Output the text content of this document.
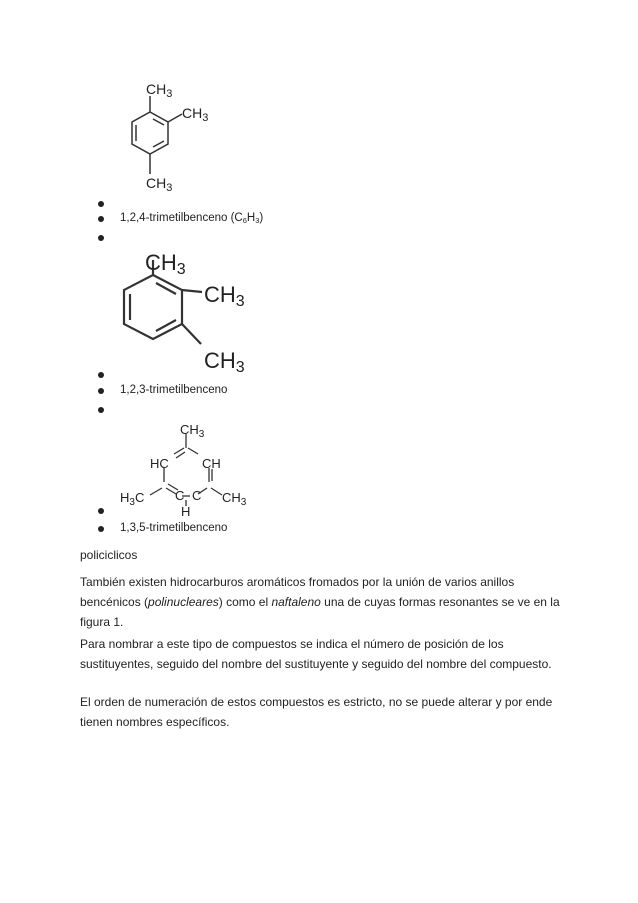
$CH_3$
$CH_3$
$CH_3$
1,2,4-trimetilbenceno $(C_6H_3)$
CH3
CH3
CH3
1,2,3-trimetilbenceno
$CH_3$
HC	CH
$H_3C$	$CH_3$
C C
H
1,3,5-trimetilbenceno
policiclicos

También existen hidrocarburos aromáticos fromados por la unión de varios anillos bencénicos (polinucleares) como el naftaleno una de cuyas formas resonantes se ve en la figura 1.

Para nombrar a este tipo de compuestos se indica el número de posición de los sustituyentes, seguido del nombre del sustituyente y seguido del nombre del compuesto.

El orden de numeración de estos compuestos es estricto, no se puede alterar y por ende tienen nombres específicos.
